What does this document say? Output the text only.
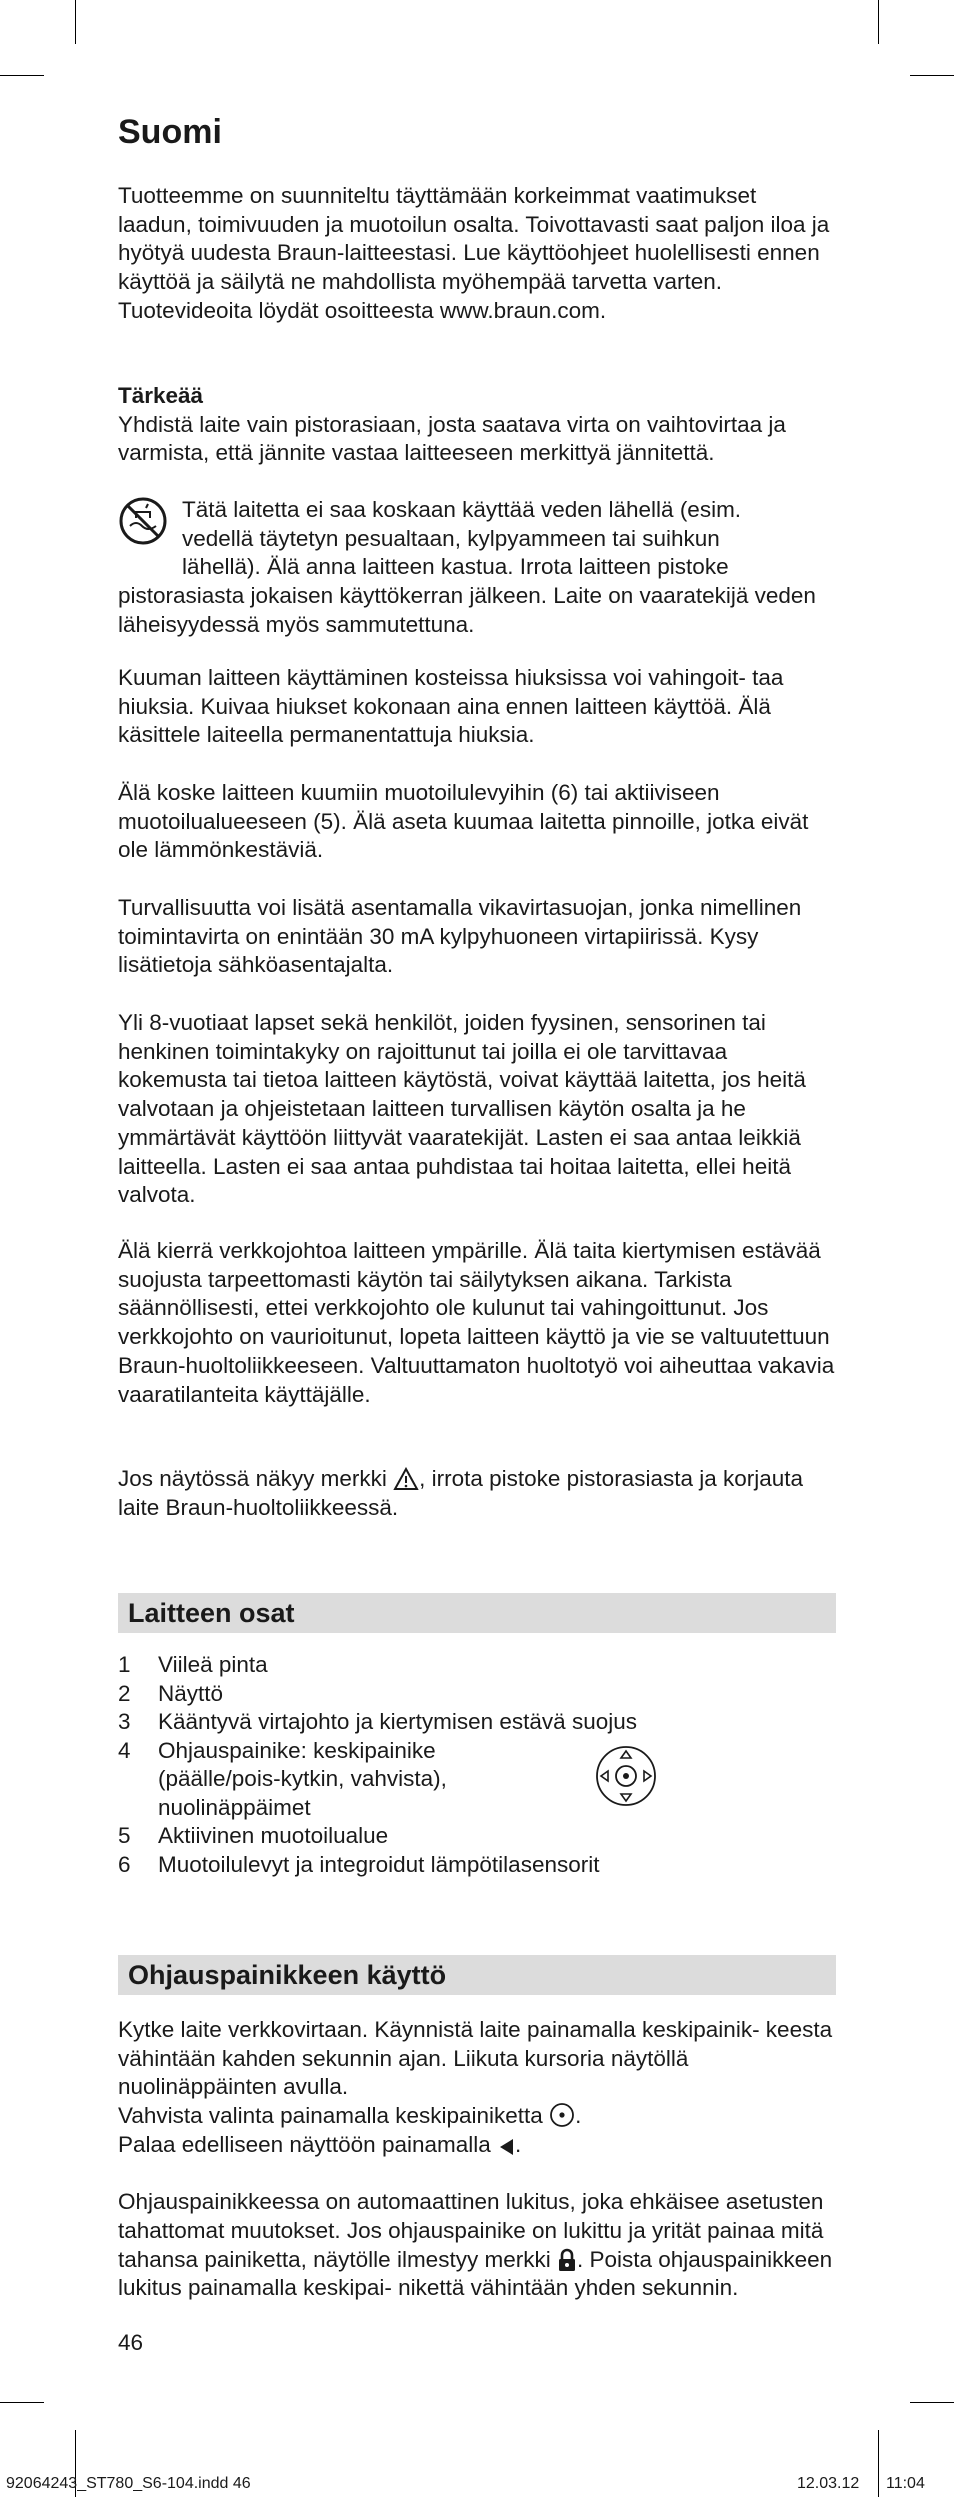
Suomi

Tuotteemme on suunniteltu täyttämään korkeimmat vaatimukset laadun, toimivuuden ja muotoilun osalta. Toivottavasti saat paljon iloa ja hyötyä uudesta Braun-laitteestasi. Lue käyttöohjeet huolellisesti ennen käyttöä ja säilytä ne mahdollista myöhempää tarvetta varten. Tuotevideoita löydät osoitteesta www.braun.com.

Tärkeää

Yhdistä laite vain pistorasiaan, josta saatava virta on vaihtovirtaa ja varmista, että jännite vastaa laitteeseen merkittyä jännitettä.

Tätä laitetta ei saa koskaan käyttää veden lähellä (esim.

vedellä täytetyn pesualtaan, kylpyammeen tai suihkun

lähellä). Älä anna laitteen kastua. Irrota laitteen pistoke

pistorasiasta jokaisen käyttökerran jälkeen. Laite on vaaratekijä veden läheisyydessä myös sammutettuna.

Kuuman laitteen käyttäminen kosteissa hiuksissa voi vahingoit- taa hiuksia. Kuivaa hiukset kokonaan aina ennen laitteen käyttöä. Älä käsittele laiteella permanentattuja hiuksia.

Älä koske laitteen kuumiin muotoilulevyihin (6) tai aktiiviseen muotoilualueeseen (5). Älä aseta kuumaa laitetta pinnoille, jotka eivät ole lämmönkestäviä.

Turvallisuutta voi lisätä asentamalla vikavirtasuojan, jonka nimellinen toimintavirta on enintään 30 mA kylpyhuoneen virtapiirissä. Kysy lisätietoja sähköasentajalta.

Yli 8-vuotiaat lapset sekä henkilöt, joiden fyysinen, sensorinen tai henkinen toimintakyky on rajoittunut tai joilla ei ole tarvittavaa kokemusta tai tietoa laitteen käytöstä, voivat käyttää laitetta, jos heitä valvotaan ja ohjeistetaan laitteen turvallisen käytön osalta ja he ymmärtävät käyttöön liittyvät vaaratekijät. Lasten ei saa antaa leikkiä laitteella. Lasten ei saa antaa puhdistaa tai hoitaa laitetta, ellei heitä valvota.

Älä kierrä verkkojohtoa laitteen ympärille. Älä taita kiertymisen estävää suojusta tarpeettomasti käytön tai säilytyksen aikana. Tarkista säännöllisesti, ettei verkkojohto ole kulunut tai vahingoittunut. Jos verkkojohto on vaurioitunut, lopeta laitteen käyttö ja vie se valtuutettuun Braun-huoltoliikkeeseen. Valtuuttamaton huoltotyö voi aiheuttaa vakavia vaaratilanteita käyttäjälle.

Jos näytössä näkyy merkki , irrota pistoke pistorasiasta ja korjauta laite Braun-huoltoliikkeessä.

Laitteen osat
1	Viileä pinta
2	Näyttö
3	Kääntyvä virtajohto ja kiertymisen estävä suojus
4	Ohjauspainike: keskipainike
(päälle/pois-kytkin, vahvista),
nuolinäppäimet
5	Aktiivinen muotoilualue
6	Muotoilulevyt ja integroidut lämpötilasensorit
Ohjauspainikkeen käyttö

Kytke laite verkkovirtaan. Käynnistä laite painamalla keskipainik- keesta vähintään kahden sekunnin ajan. Liikuta kursoria näytöllä nuolinäppäinten avulla.

Vahvista valinta painamalla keskipainiketta .

Palaa edelliseen näyttöön painamalla .

Ohjauspainikkeessa on automaattinen lukitus, joka ehkäisee asetusten tahattomat muutokset. Jos ohjauspainike on lukittu ja yrität painaa mitä tahansa painiketta, näytölle ilmestyy merkki . Poista ohjauspainikkeen lukitus painamalla keskipai- nikettä vähintään yhden sekunnin.

46
92064243_ST780_S6-104.indd 46	12.03.12 11:04
